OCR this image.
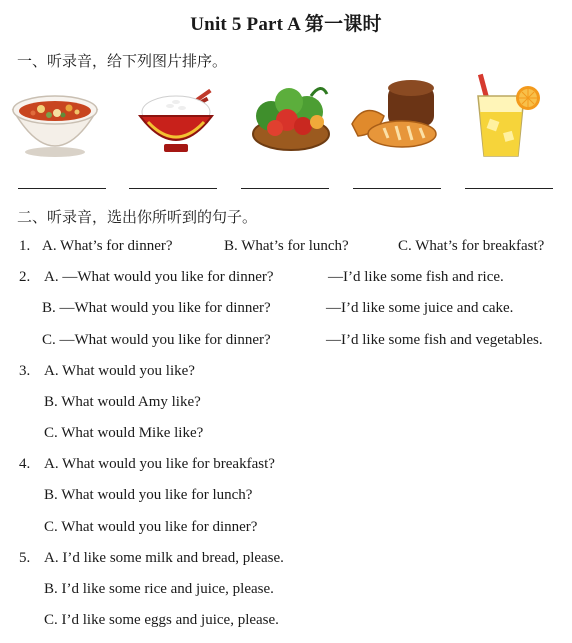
Unit 5 Part A 第一课时
一、听录音，给下列图片排序。
二、听录音，选出你所听到的句子。
1. A. What’s for dinner?	B. What’s for lunch?	C. What’s for breakfast?
2. A. —What would you like for dinner?	—I’d like some fish and rice.
B. —What would you like for dinner?	—I’d like some juice and cake.
C. —What would you like for dinner?	—I’d like some fish and vegetables.
3. A. What would you like?
B. What would Amy like?
C. What would Mike like?
4. A. What would you like for breakfast?
B. What would you like for lunch?
C. What would you like for dinner?
5. A. I’d like some milk and bread, please.
B. I’d like some rice and juice, please.
C. I’d like some eggs and juice, please.
